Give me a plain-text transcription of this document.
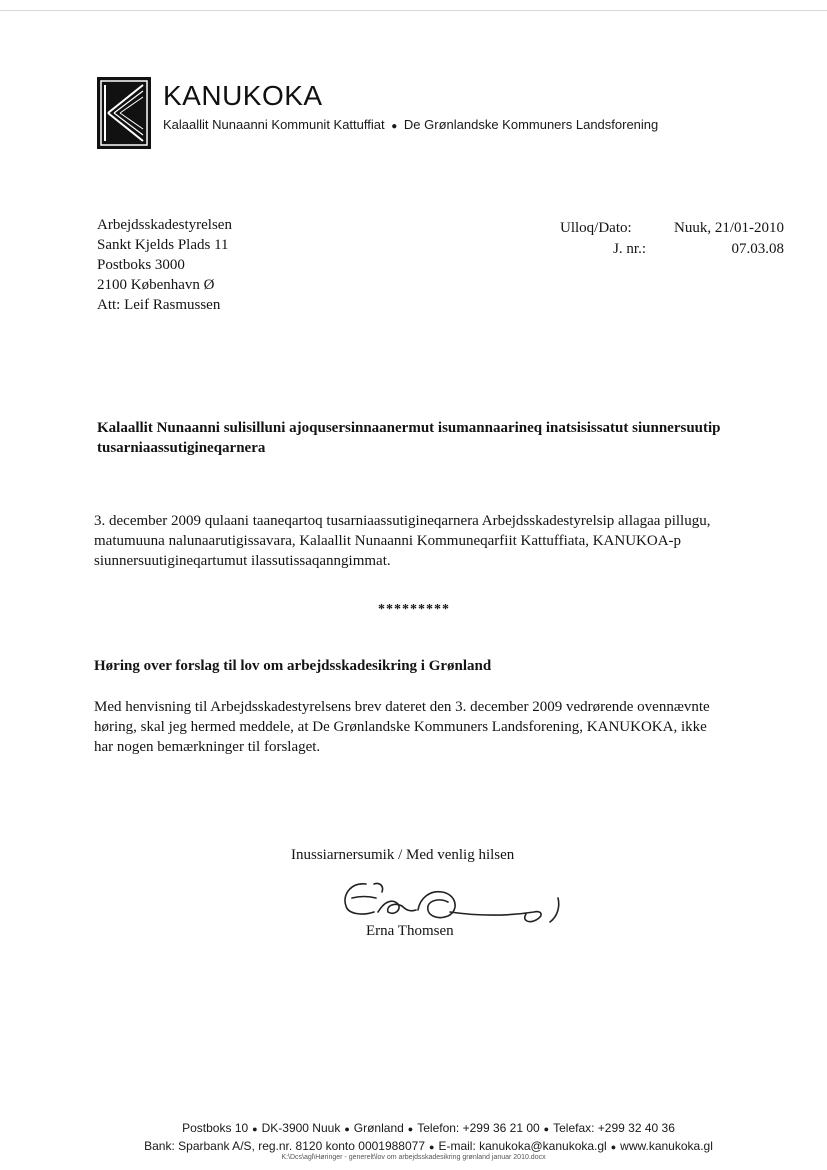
KANUKOKA
Kalaallit Nunaanni Kommunit Kattuffiat ● De Grønlandske Kommuners Landsforening
Arbejdsskadestyrelsen
Sankt Kjelds Plads 11
Postboks 3000
2100 København Ø
Att: Leif Rasmussen
Ulloq/Dato:	Nuuk, 21/01-2010
J. nr.:	07.03.08
Kalaallit Nunaanni sulisilluni ajoqusersinnaanermut isumannaarineq inatsisissatut siunnersuutip tusarniaassutigineqarnera

3. december 2009 qulaani taaneqartoq tusarniaassutigineqarnera Arbejdsskadestyrelsip allagaa pillugu, matumuuna nalunaarutigissavara, Kalaallit Nunaanni Kommuneqarfiit Kattuffiata, KANUKOA-p siunnersuutigineqartumut ilassutissaqanngimmat.

*********
Høring over forslag til lov om arbejdsskadesikring i Grønland

Med henvisning til Arbejdsskadestyrelsens brev dateret den 3. december 2009 vedrørende ovennævnte høring, skal jeg hermed meddele, at De Grønlandske Kommuners Landsforening, KANUKOKA, ikke har nogen bemærkninger til forslaget.

Inussiarnersumik / Med venlig hilsen
Erna Thomsen
Postboks 10 ● DK-3900 Nuuk ● Grønland ● Telefon: +299 36 21 00 ● Telefax: +299 32 40 36
Bank: Sparbank A/S, reg.nr. 8120 konto 0001988077 ● E-mail: kanukoka@kanukoka.gl ● www.kanukoka.gl
K:\Dcs\agl\Høringer - generelt\lov om arbejdsskadesikring grønland januar 2010.docx
